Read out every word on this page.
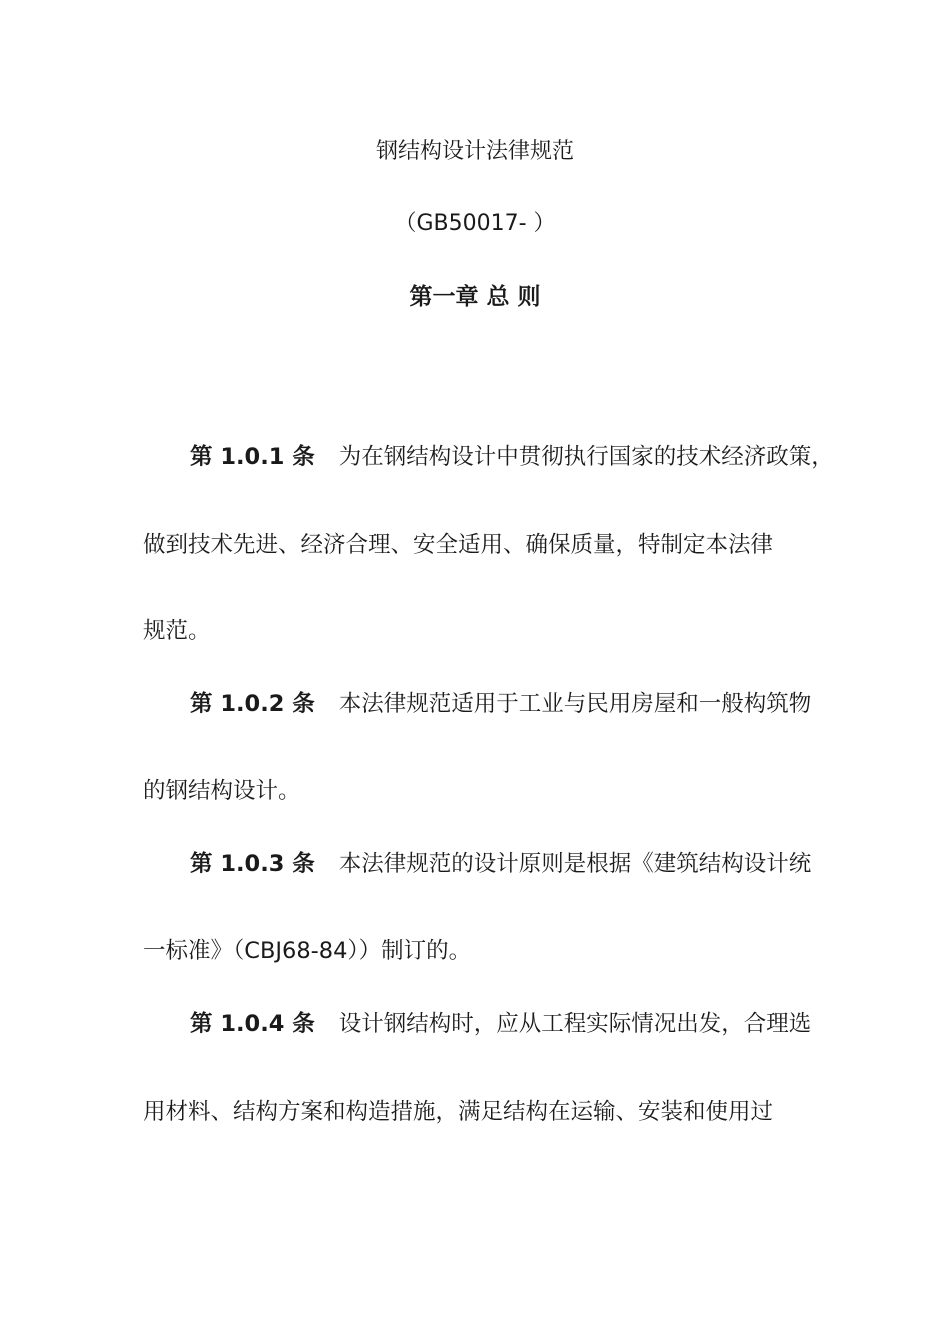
钢结构设计法律规范
（GB50017- ）
第一章 总 则
第 1.0.1 条 为在钢结构设计中贯彻执行国家的技术经济政策，
做到技术先进、经济合理、安全适用、确保质量，特制定本法律
规范。
第 1.0.2 条 本法律规范适用于工业与民用房屋和一般构筑物
的钢结构设计。
第 1.0.3 条 本法律规范的设计原则是根据《建筑结构设计统
一标准》（CBJ68-84））制订的。
第 1.0.4 条 设计钢结构时，应从工程实际情况出发，合理选
用材料、结构方案和构造措施，满足结构在运输、安装和使用过
